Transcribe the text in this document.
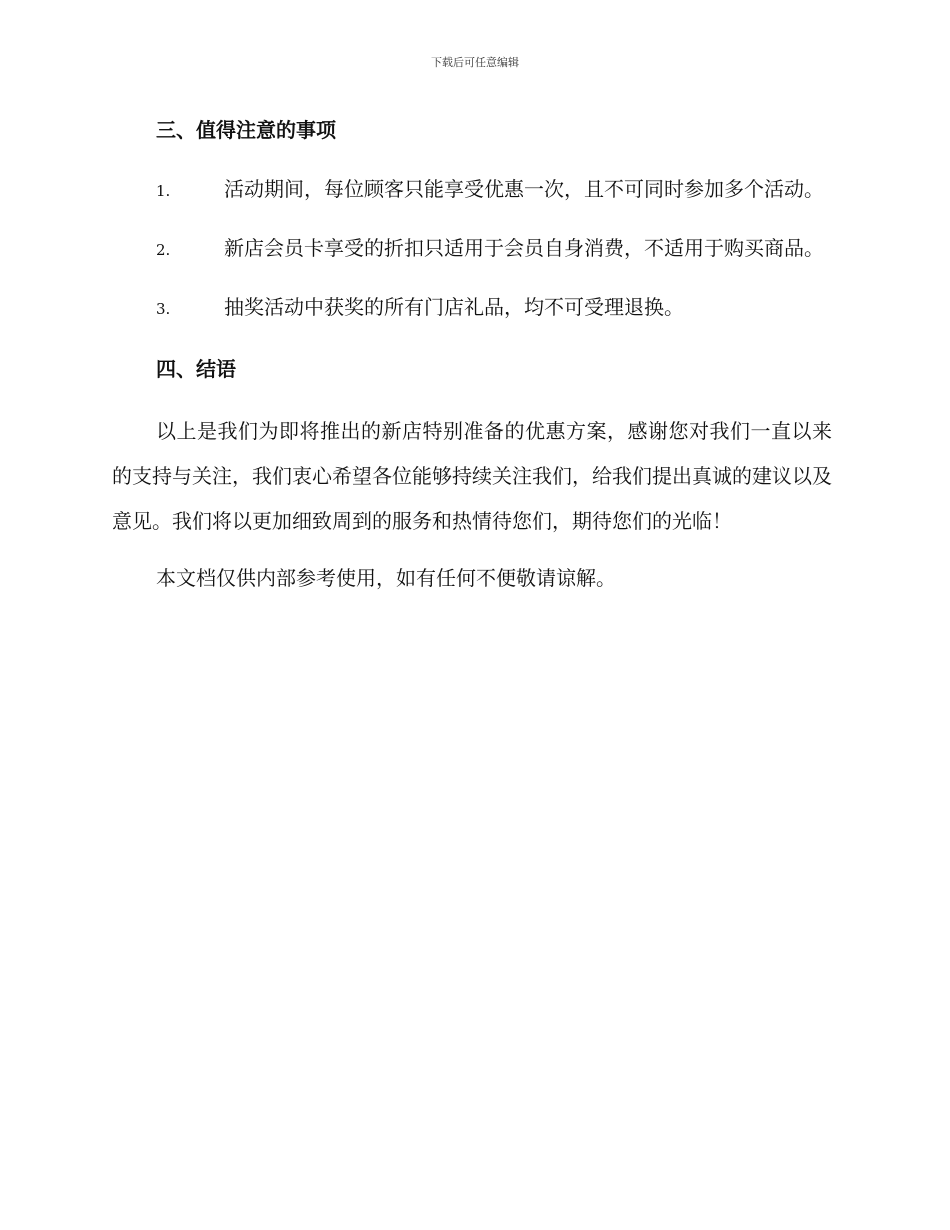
下载后可任意编辑
三、值得注意的事项

1.	活动期间，每位顾客只能享受优惠一次，且不可同时参加多个活动。

2.	新店会员卡享受的折扣只适用于会员自身消费，不适用于购买商品。

3.	抽奖活动中获奖的所有门店礼品，均不可受理退换。

四、结语

以上是我们为即将推出的新店特别准备的优惠方案，感谢您对我们一直以来的支持与关注，我们衷心希望各位能够持续关注我们，给我们提出真诚的建议以及意见。我们将以更加细致周到的服务和热情待您们，期待您们的光临！

本文档仅供内部参考使用，如有任何不便敬请谅解。
